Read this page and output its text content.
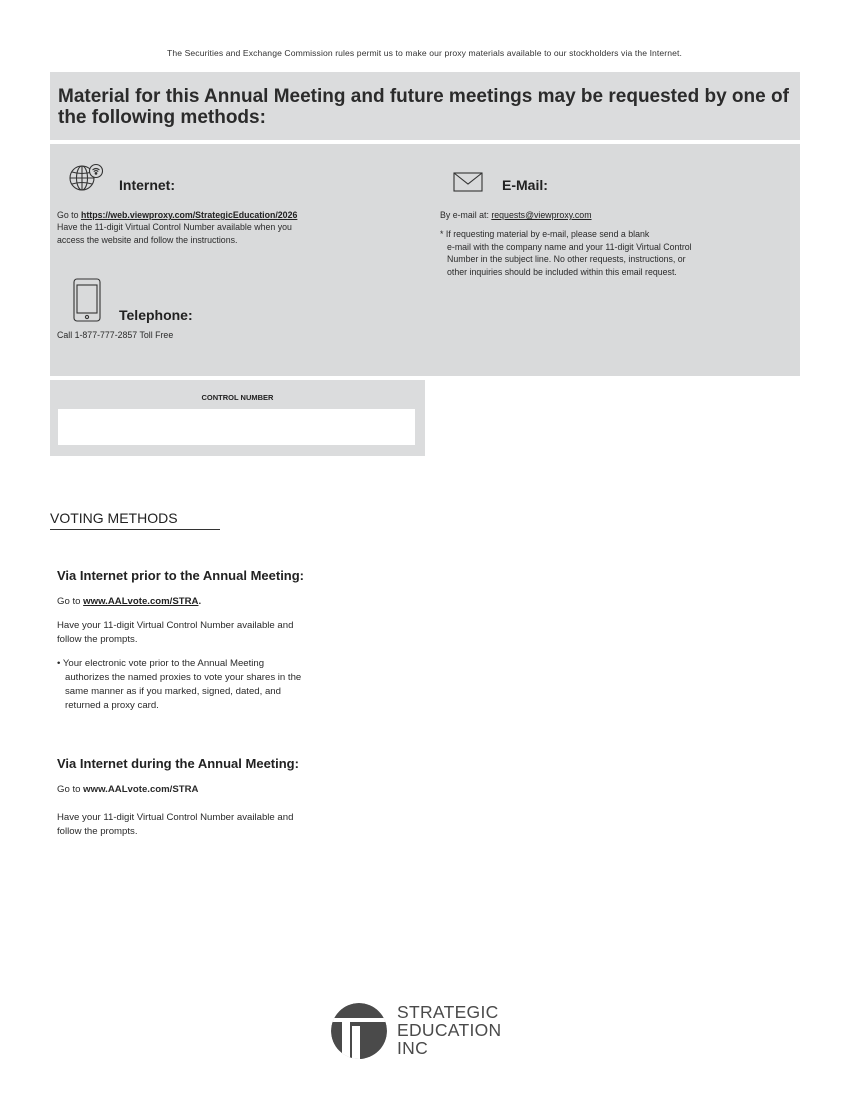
The Securities and Exchange Commission rules permit us to make our proxy materials available to our stockholders via the Internet.
Material for this Annual Meeting and future meetings may be requested by one of the following methods:
Internet:
Go to https://web.viewproxy.com/StrategicEducation/2026
Have the 11-digit Virtual Control Number available when you
access the website and follow the instructions.
Telephone:
Call 1-877-777-2857 Toll Free
E-Mail:
By e-mail at: requests@viewproxy.com
* If requesting material by e-mail, please send a blank
e-mail with the company name and your 11-digit Virtual Control
Number in the subject line. No other requests, instructions, or
other inquiries should be included within this email request.
CONTROL NUMBER
VOTING METHODS
Via Internet prior to the Annual Meeting:
Go to www.AALvote.com/STRA.
Have your 11-digit Virtual Control Number available and
follow the prompts.
• Your electronic vote prior to the Annual Meeting
authorizes the named proxies to vote your shares in the
same manner as if you marked, signed, dated, and
returned a proxy card.
Via Internet during the Annual Meeting:
Go to www.AALvote.com/STRA
Have your 11-digit Virtual Control Number available and
follow the prompts.
STRATEGIC
EDUCATION
INC
